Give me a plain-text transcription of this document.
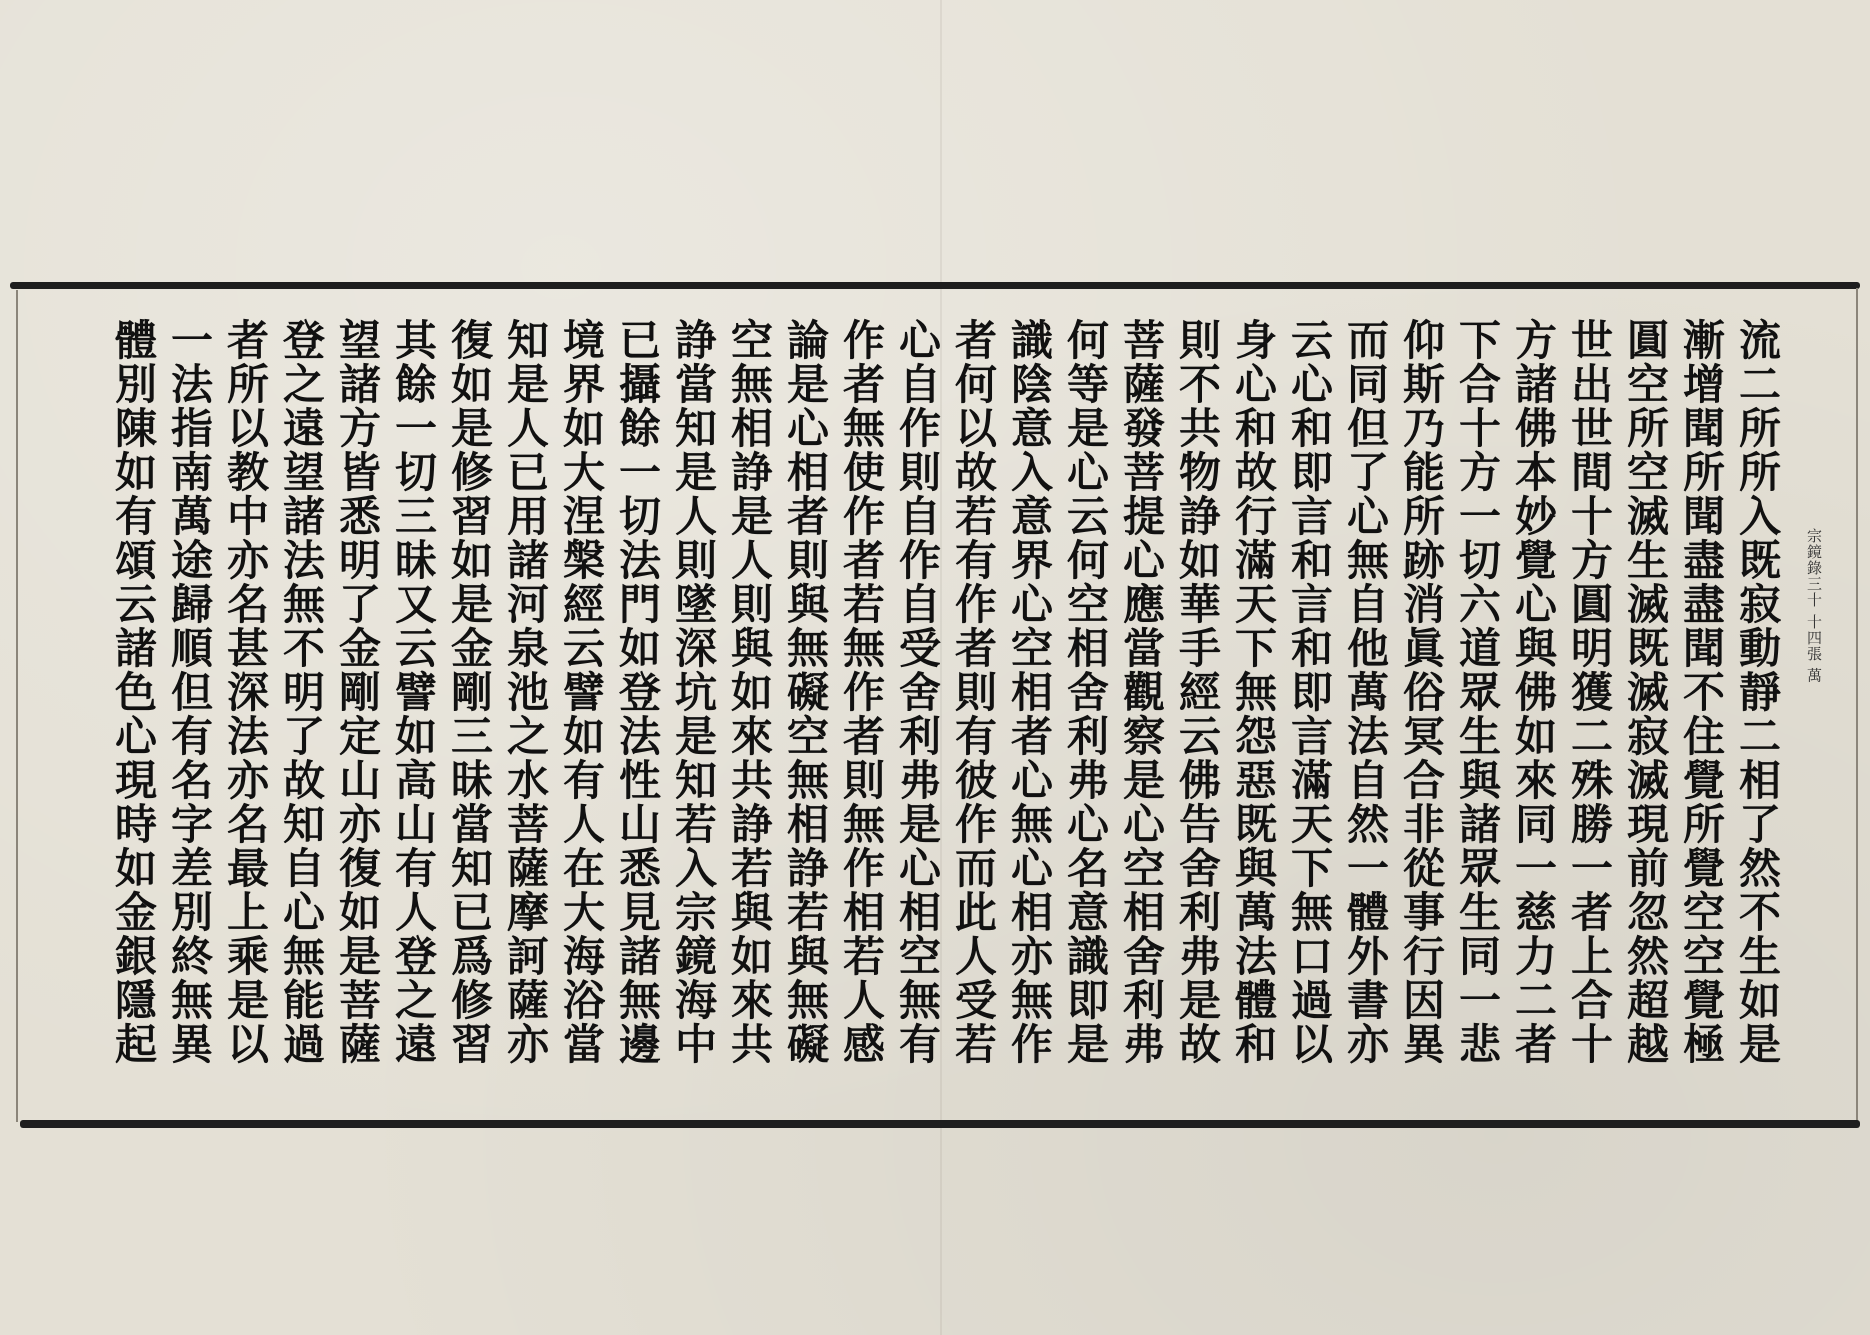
宗鏡錄三十 十四張 萬
流二所所入既寂動靜二相了然不生如是
漸增聞所聞盡盡聞不住覺所覺空空覺極
圓空所空滅生滅既滅寂滅現前忽然超越
世出世間十方圓明獲二殊勝一者上合十
方諸佛本妙覺心與佛如來同一慈力二者
下合十方一切六道眾生與諸眾生同一悲
仰斯乃能所跡消眞俗冥合非從事行因異
而同但了心無自他萬法自然一體外書亦
云心和即言和言和即言滿天下無口過以
身心和故行滿天下無怨惡既與萬法體和
則不共物諍如華手經云佛告舍利弗是故
菩薩發菩提心應當觀察是心空相舍利弗
何等是心云何空相舍利弗心名意識即是
識陰意入意界心空相者心無心相亦無作
者何以故若有作者則有彼作而此人受若
心自作則自作自受舍利弗是心相空無有
作者無使作者若無作者則無作相若人感
論是心相者則與無礙空無相諍若與無礙
空無相諍是人則與如來共諍若與如來共
諍當知是人則墜深坑是知若入宗鏡海中
已攝餘一切法門如登法性山悉見諸無邊
境界如大涅槃經云譬如有人在大海浴當
知是人已用諸河泉池之水菩薩摩訶薩亦
復如是修習如是金剛三昧當知已爲修習
其餘一切三昧又云譬如高山有人登之遠
望諸方皆悉明了金剛定山亦復如是菩薩
登之遠望諸法無不明了故知自心無能過
者所以教中亦名甚深法亦名最上乘是以
一法指南萬途歸順但有名字差別終無異
體別陳如有頌云諸色心現時如金銀隱起
